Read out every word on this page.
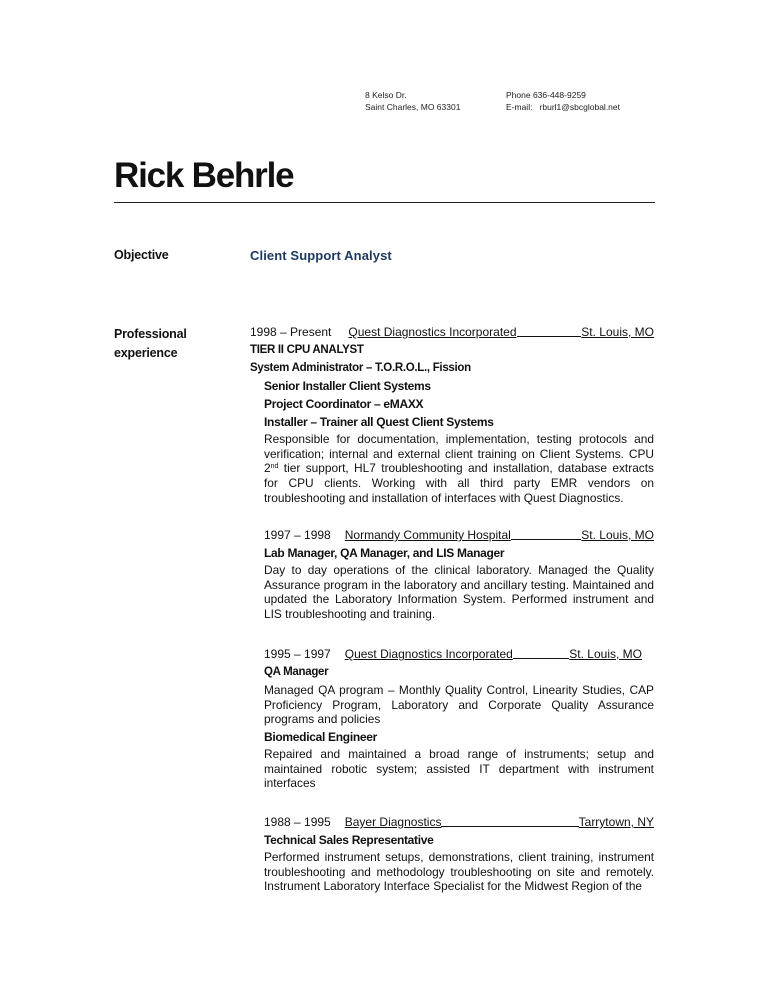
8 Kelso Dr.
Saint Charles, MO 63301
Phone 636-448-9259
E-mail: rburl1@sbcglobal.net
Rick Behrle
Objective	Client Support Analyst
Professional
experience
1998 – Present Quest Diagnostics Incorporated	St. Louis, MO
TIER II CPU ANALYST
System Administrator – T.O.R.O.L., Fission
Senior Installer Client Systems
Project Coordinator – eMAXX
Installer – Trainer all Quest Client Systems
Responsible for documentation, implementation, testing protocols and verification; internal and external client training on Client Systems. CPU 2nd tier support, HL7 troubleshooting and installation, database extracts for CPU clients. Working with all third party EMR vendors on troubleshooting and installation of interfaces with Quest Diagnostics.
1997 – 1998 Normandy Community Hospital	St. Louis, MO
Lab Manager, QA Manager, and LIS Manager
Day to day operations of the clinical laboratory. Managed the Quality Assurance program in the laboratory and ancillary testing. Maintained and updated the Laboratory Information System. Performed instrument and LIS troubleshooting and training.
1995 – 1997 Quest Diagnostics Incorporated	St. Louis, MO
QA Manager
Managed QA program – Monthly Quality Control, Linearity Studies, CAP Proficiency Program, Laboratory and Corporate Quality Assurance programs and policies
Biomedical Engineer
Repaired and maintained a broad range of instruments; setup and maintained robotic system; assisted IT department with instrument interfaces
1988 – 1995 Bayer Diagnostics	Tarrytown, NY
Technical Sales Representative
Performed instrument setups, demonstrations, client training, instrument troubleshooting and methodology troubleshooting on site and remotely. Instrument Laboratory Interface Specialist for the Midwest Region of the
